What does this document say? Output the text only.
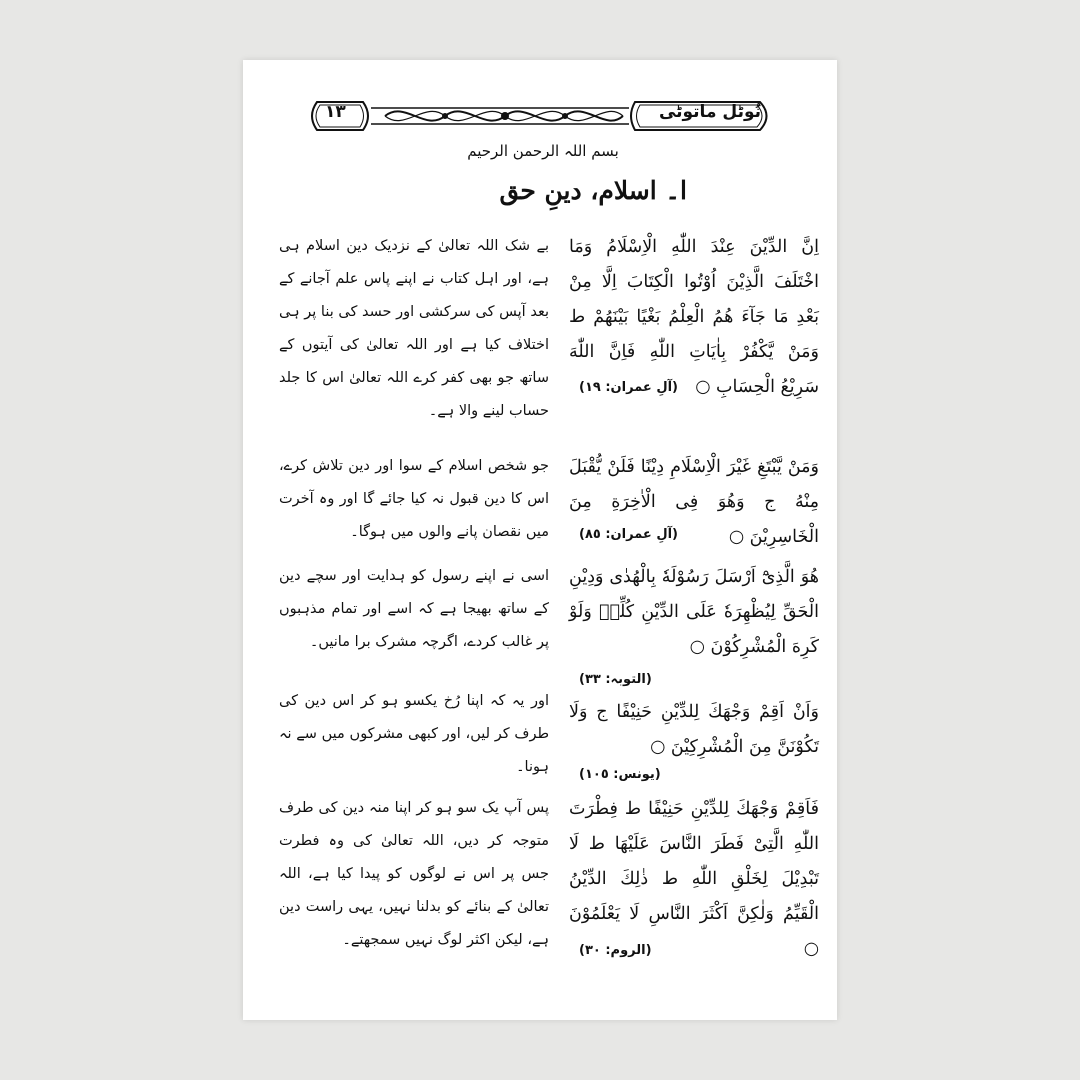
نُوٹل ماتوٹی
١٣
بسم اللہ الرحمن الرحیم
ا۔ اسلام، دینِ حق
اِنَّ الدِّيْنَ عِنْدَ اللّٰهِ الْاِسْلَامُ وَمَا اخْتَلَفَ الَّذِيْنَ اُوْتُوا الْكِتَابَ اِلَّا مِنْ بَعْدِ مَا جَآءَ هُمُ الْعِلْمُ بَغْيًا بَيْنَهُمْ ط وَمَنْ يَّكْفُرْ بِاٰيَاتِ اللّٰهِ فَاِنَّ اللّٰهَ سَرِيْعُ الْحِسَابِ ○
(آلِ عمران: ١٩)
وَمَنْ يَّبْتَغِ غَيْرَ الْاِسْلَامِ دِيْنًا فَلَنْ يُّقْبَلَ مِنْهُ ج وَهُوَ فِى الْاٰخِرَةِ مِنَ الْخَاسِرِيْنَ ○
(آلِ عمران: ٨٥)
هُوَ الَّذِىْٓ اَرْسَلَ رَسُوْلَهٗ بِالْهُدٰى وَدِيْنِ الْحَقِّ لِيُظْهِرَهٗ عَلَى الدِّيْنِ كُلِّهٖ وَلَوْ كَرِهَ الْمُشْرِكُوْنَ ○
(التوبہ: ٣٣)
وَاَنْ اَقِمْ وَجْهَكَ لِلدِّيْنِ حَنِيْفًا ج وَلَا تَكُوْنَنَّ مِنَ الْمُشْرِكِيْنَ ○
(یونس: ١٠٥)
فَاَقِمْ وَجْهَكَ لِلدِّيْنِ حَنِيْفًا ط فِطْرَتَ اللّٰهِ الَّتِىْ فَطَرَ النَّاسَ عَلَيْهَا ط لَا تَبْدِيْلَ لِخَلْقِ اللّٰهِ ط ذٰلِكَ الدِّيْنُ الْقَيِّمُ وَلٰكِنَّ اَكْثَرَ النَّاسِ لَا يَعْلَمُوْنَ ○
(الروم: ٣٠)
بے شک اللہ تعالیٰ کے نزدیک دین اسلام ہی ہے، اور اہل کتاب نے اپنے پاس علم آجانے کے بعد آپس کی سرکشی اور حسد کی بنا پر ہی اختلاف کیا ہے اور اللہ تعالیٰ کی آیتوں کے ساتھ جو بھی کفر کرے اللہ تعالیٰ اس کا جلد حساب لینے والا ہے۔
جو شخص اسلام کے سوا اور دین تلاش کرے، اس کا دین قبول نہ کیا جائے گا اور وہ آخرت میں نقصان پانے والوں میں ہوگا۔
اسی نے اپنے رسول کو ہدایت اور سچے دین کے ساتھ بھیجا ہے کہ اسے اور تمام مذہبوں پر غالب کردے، اگرچہ مشرک برا مانیں۔
اور یہ کہ اپنا رُخ یکسو ہو کر اس دین کی طرف کر لیں، اور کبھی مشرکوں میں سے نہ ہونا۔
پس آپ یک سو ہو کر اپنا منہ دین کی طرف متوجہ کر دیں، اللہ تعالیٰ کی وہ فطرت جس پر اس نے لوگوں کو پیدا کیا ہے، اللہ تعالیٰ کے بنائے کو بدلنا نہیں، یہی راست دین ہے، لیکن اکثر لوگ نہیں سمجھتے۔
